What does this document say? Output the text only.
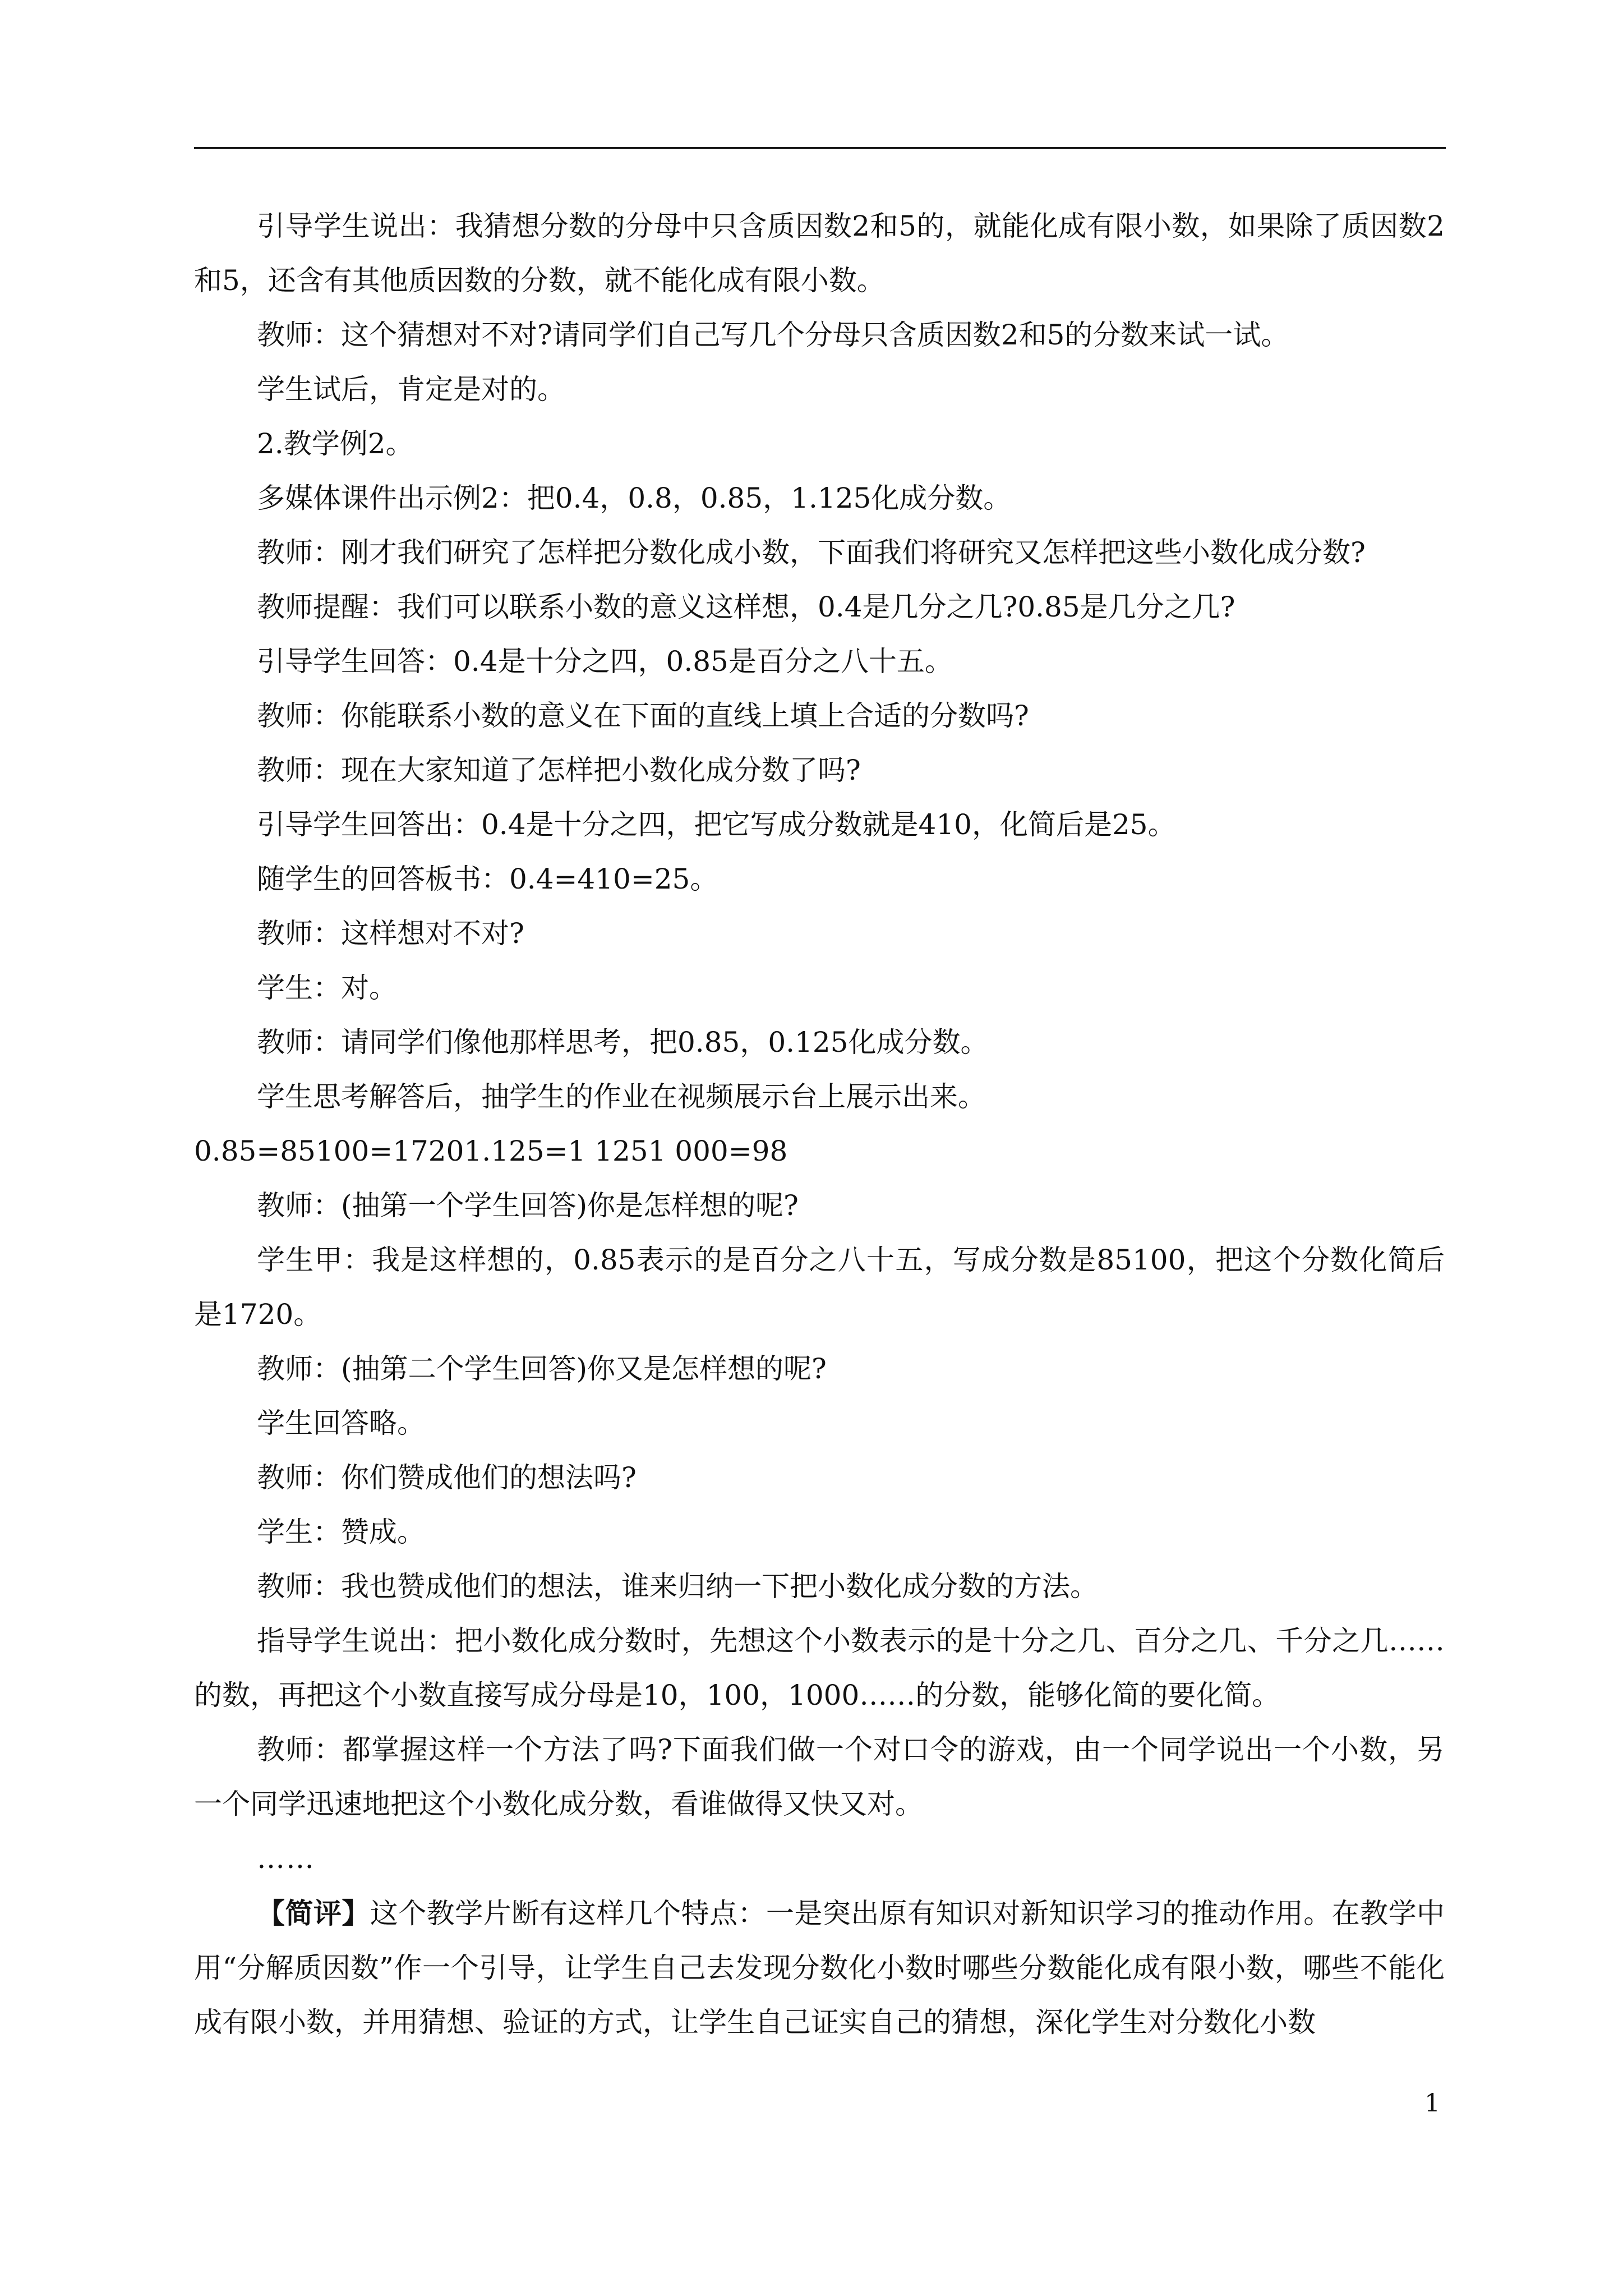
引导学生说出：我猜想分数的分母中只含质因数2和5的，就能化成有限小数，如果除了质因数2和5，还含有其他质因数的分数，就不能化成有限小数。

教师：这个猜想对不对?请同学们自己写几个分母只含质因数2和5的分数来试一试。

学生试后，肯定是对的。

2.教学例2。

多媒体课件出示例2：把0.4，0.8，0.85，1.125化成分数。

教师：刚才我们研究了怎样把分数化成小数，下面我们将研究又怎样把这些小数化成分数?

教师提醒：我们可以联系小数的意义这样想，0.4是几分之几?0.85是几分之几?

引导学生回答：0.4是十分之四，0.85是百分之八十五。

教师：你能联系小数的意义在下面的直线上填上合适的分数吗?

教师：现在大家知道了怎样把小数化成分数了吗?

引导学生回答出：0.4是十分之四，把它写成分数就是410，化简后是25。

随学生的回答板书：0.4=410=25。

教师：这样想对不对?

学生：对。

教师：请同学们像他那样思考，把0.85，0.125化成分数。

学生思考解答后，抽学生的作业在视频展示台上展示出来。

0.85=85100=17201.125=1 1251 000=98

教师：(抽第一个学生回答)你是怎样想的呢?

学生甲：我是这样想的，0.85表示的是百分之八十五，写成分数是85100，把这个分数化简后是1720。

教师：(抽第二个学生回答)你又是怎样想的呢?

学生回答略。

教师：你们赞成他们的想法吗?

学生：赞成。

教师：我也赞成他们的想法，谁来归纳一下把小数化成分数的方法。

指导学生说出：把小数化成分数时，先想这个小数表示的是十分之几、百分之几、千分之几……的数，再把这个小数直接写成分母是10，100，1000……的分数，能够化简的要化简。

教师：都掌握这样一个方法了吗?下面我们做一个对口令的游戏，由一个同学说出一个小数，另一个同学迅速地把这个小数化成分数，看谁做得又快又对。

……

【简评】这个教学片断有这样几个特点：一是突出原有知识对新知识学习的推动作用。在教学中用“分解质因数”作一个引导，让学生自己去发现分数化小数时哪些分数能化成有限小数，哪些不能化成有限小数，并用猜想、验证的方式，让学生自己证实自己的猜想，深化学生对分数化小数

1
